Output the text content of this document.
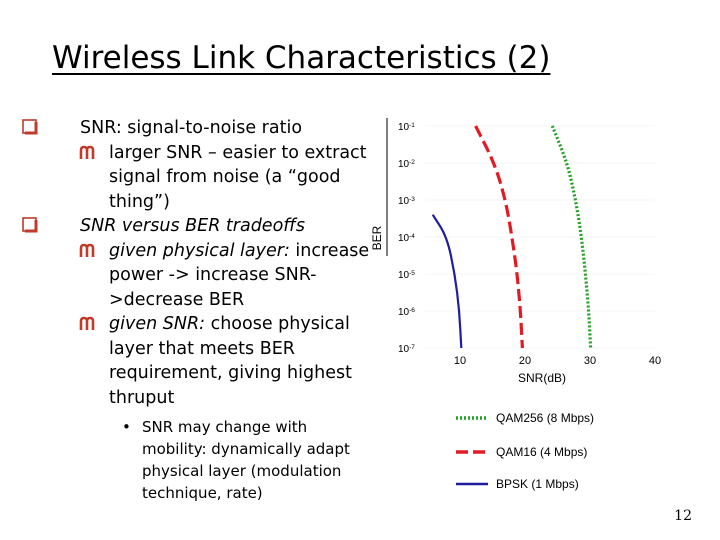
Wireless Link Characteristics (2)
SNR: signal-to-noise ratio
larger SNR – easier to extract signal from noise (a “good thing”)
SNR versus BER tradeoffs
given physical layer: increase power -> increase SNR->decrease BER
given SNR: choose physical layer that meets BER requirement, giving highest thruput
• SNR may change with mobility: dynamically adapt physical layer (modulation technique, rate)
$10^{-1}$
$10^{-2}$
$10^{-3}$
$10^{-4}$
$10^{-5}$
$10^{-6}$
$10^{-7}$
BER
10	20	30	40
SNR(dB)
QAM256 (8 Mbps)
QAM16 (4 Mbps)
BPSK (1 Mbps)
12
